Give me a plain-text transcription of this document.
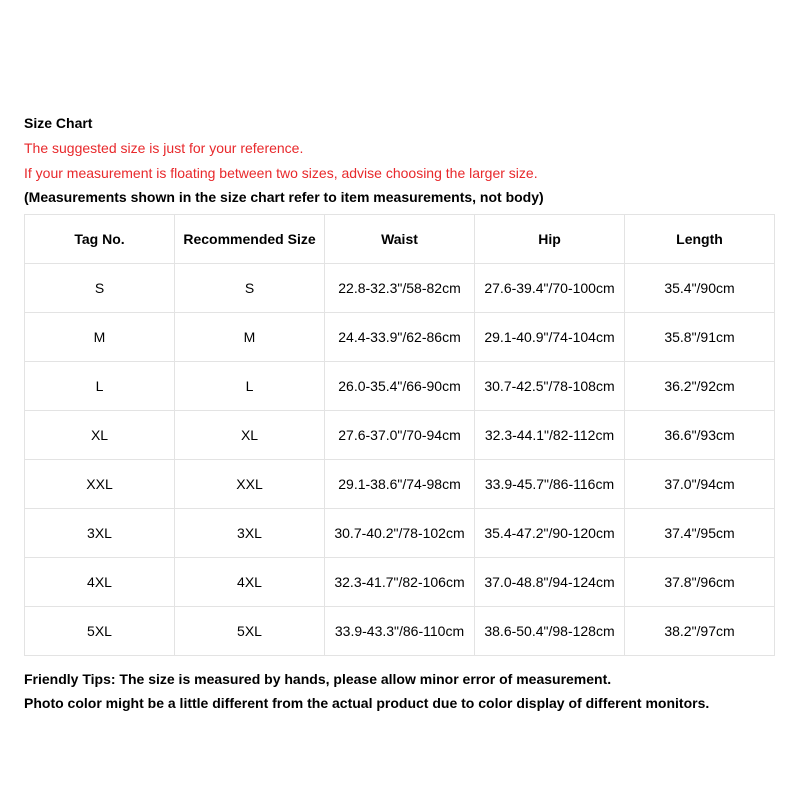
Size Chart
The suggested size is just for your reference.
If your measurement is floating between two sizes, advise choosing the larger size.
(Measurements shown in the size chart refer to item measurements, not body)
Tag No.	Recommended Size	Waist	Hip	Length
S	S	22.8-32.3"/58-82cm	27.6-39.4"/70-100cm	35.4"/90cm
M	M	24.4-33.9"/62-86cm	29.1-40.9"/74-104cm	35.8"/91cm
L	L	26.0-35.4"/66-90cm	30.7-42.5"/78-108cm	36.2"/92cm
XL	XL	27.6-37.0"/70-94cm	32.3-44.1"/82-112cm	36.6"/93cm
XXL	XXL	29.1-38.6"/74-98cm	33.9-45.7"/86-116cm	37.0"/94cm
3XL	3XL	30.7-40.2"/78-102cm	35.4-47.2"/90-120cm	37.4"/95cm
4XL	4XL	32.3-41.7"/82-106cm	37.0-48.8"/94-124cm	37.8"/96cm
5XL	5XL	33.9-43.3"/86-110cm	38.6-50.4"/98-128cm	38.2"/97cm
Friendly Tips: The size is measured by hands, please allow minor error of measurement.
Photo color might be a little different from the actual product due to color display of different monitors.
